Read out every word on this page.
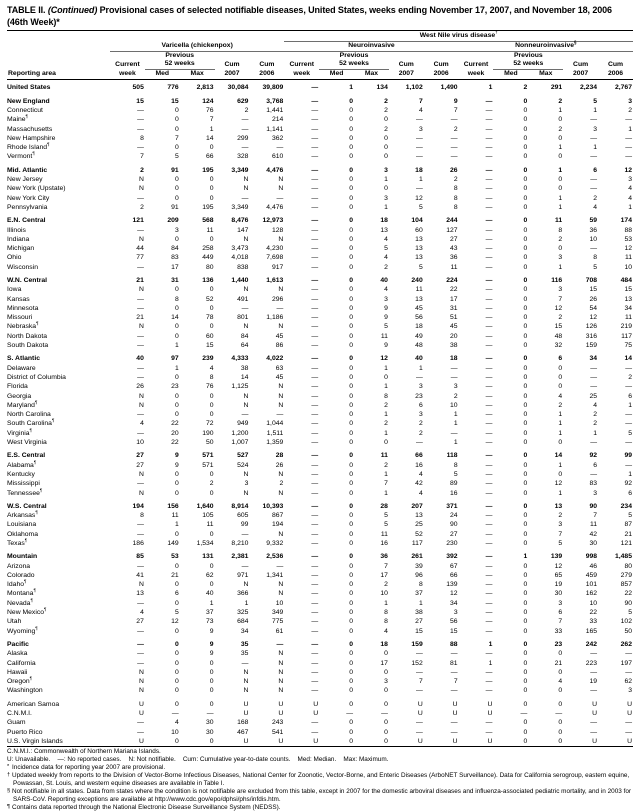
TABLE II. (Continued) Provisional cases of selected notifiable diseases, United States, weeks ending November 17, 2007, and November 18, 2006 (46th Week)*
						West Nile virus disease†
	Varicella (chickenpox)					Neuroinvasive					Nonneuroinvasive§
		Previous					Previous					Previous			
	Current	52 weeks		Cum	Cum	Current	52 weeks		Cum	Cum	Current	52 weeks		Cum	Cum
Reporting area	week	Med	Max	2007	2006	week	Med	Max	2007	2006	week	Med	Max	2007	2006
United States	505	776	2,813	30,084	39,809	—	1	134	1,102	1,490	1	2	291	2,234	2,767
New England	15	15	124	629	3,768	—	0	2	7	9	—	0	2	5	3
Connecticut	—	0	76	2	1,441	—	0	2	4	7	—	0	1	1	2
Maine¶	—	0	7	—	214	—	0	0	—	—	—	0	0	—	—
Massachusetts	—	0	1	—	1,141	—	0	2	3	2	—	0	2	3	1
New Hampshire	8	7	14	299	362	—	0	0	—	—	—	0	0	—	—
Rhode Island¶	—	0	0	—	—	—	0	0	—	—	—	0	1	1	—
Vermont¶	7	5	66	328	610	—	0	0	—	—	—	0	0	—	—
Mid. Atlantic	2	91	195	3,349	4,476	—	0	3	18	26	—	0	1	6	12
New Jersey	N	0	0	N	N	—	0	1	1	2	—	0	0	—	3
New York (Upstate)	N	0	0	N	N	—	0	0	—	8	—	0	0	—	4
New York City	—	0	0	—	—	—	0	3	12	8	—	0	1	2	4
Pennsylvania	2	91	195	3,349	4,476	—	0	1	5	8	—	0	1	4	1
E.N. Central	121	209	568	8,476	12,973	—	0	18	104	244	—	0	11	59	174
Illinois	—	3	11	147	128	—	0	13	60	127	—	0	8	36	88
Indiana	N	0	0	N	N	—	0	4	13	27	—	0	2	10	53
Michigan	44	84	258	3,473	4,230	—	0	5	13	43	—	0	0	—	12
Ohio	77	83	449	4,018	7,698	—	0	4	13	36	—	0	3	8	11
Wisconsin	—	17	80	838	917	—	0	2	5	11	—	0	1	5	10
W.N. Central	21	31	136	1,440	1,613	—	0	40	240	224	—	0	116	708	484
Iowa	N	0	0	N	N	—	0	4	11	22	—	0	3	15	15
Kansas	—	8	52	491	296	—	0	3	13	17	—	0	7	26	13
Minnesota	—	0	0	—	—	—	0	9	45	31	—	0	12	54	34
Missouri	21	14	78	801	1,186	—	0	9	56	51	—	0	2	12	11
Nebraska¶	N	0	0	N	N	—	0	5	18	45	—	0	15	126	219
North Dakota	—	0	60	84	45	—	0	11	49	20	—	0	48	316	117
South Dakota	—	1	15	64	86	—	0	9	48	38	—	0	32	159	75
S. Atlantic	40	97	239	4,333	4,022	—	0	12	40	18	—	0	6	34	14
Delaware	—	1	4	38	63	—	0	1	1	—	—	0	0	—	—
District of Columbia	—	0	8	14	45	—	0	0	—	—	—	0	0	—	2
Florida	26	23	76	1,125	N	—	0	1	3	3	—	0	0	—	—
Georgia	N	0	0	N	N	—	0	8	23	2	—	0	4	25	6
Maryland¶	N	0	0	N	N	—	0	2	6	10	—	0	2	4	1
North Carolina	—	0	0	—	—	—	0	1	3	1	—	0	1	2	—
South Carolina¶	4	22	72	949	1,044	—	0	2	2	1	—	0	1	2	—
Virginia¶	—	20	190	1,200	1,511	—	0	1	2	—	—	0	1	1	5
West Virginia	10	22	50	1,007	1,359	—	0	0	—	1	—	0	0	—	—
E.S. Central	27	9	571	527	28	—	0	11	66	118	—	0	14	92	99
Alabama¶	27	9	571	524	26	—	0	2	16	8	—	0	1	6	—
Kentucky	N	0	0	N	N	—	0	1	4	5	—	0	0	—	1
Mississippi	—	0	2	3	2	—	0	7	42	89	—	0	12	83	92
Tennessee¶	N	0	0	N	N	—	0	1	4	16	—	0	1	3	6
W.S. Central	194	156	1,640	8,914	10,393	—	0	28	207	371	—	0	13	90	234
Arkansas¶	8	11	105	605	867	—	0	5	13	24	—	0	2	7	5
Louisiana	—	1	11	99	194	—	0	5	25	90	—	0	3	11	87
Oklahoma	—	0	0	—	N	—	0	11	52	27	—	0	7	42	21
Texas¶	186	149	1,534	8,210	9,332	—	0	16	117	230	—	0	5	30	121
Mountain	85	53	131	2,381	2,536	—	0	36	261	392	—	1	139	998	1,485
Arizona	—	0	0	—	—	—	0	7	39	67	—	0	12	46	80
Colorado	41	21	62	971	1,341	—	0	17	96	66	—	0	65	459	279
Idaho¶	N	0	0	N	N	—	0	2	8	139	—	0	19	101	857
Montana¶	13	6	40	366	N	—	0	10	37	12	—	0	30	162	22
Nevada¶	—	0	1	1	10	—	0	1	1	34	—	0	3	10	90
New Mexico¶	4	5	37	325	349	—	0	8	38	3	—	0	6	22	5
Utah	27	12	73	684	775	—	0	8	27	56	—	0	7	33	102
Wyoming¶	—	0	9	34	61	—	0	4	15	15	—	0	33	165	50
Pacific	—	0	9	35	—	—	0	18	159	88	1	0	23	242	262
Alaska	—	0	9	35	N	—	0	0	—	—	—	0	0	—	—
California	—	0	0	—	N	—	0	17	152	81	1	0	21	223	197
Hawaii	N	0	0	N	N	—	0	0	—	—	—	0	0	—	—
Oregon¶	N	0	0	N	N	—	0	3	7	7	—	0	4	19	62
Washington	N	0	0	N	N	—	0	0	—	—	—	0	0	—	3
American Samoa	U	0	0	U	U	U	0	0	U	U	U	0	0	U	U
C.N.M.I.	U	—	—	U	U	U	—	—	U	U	U	—	—	U	U
Guam	—	4	30	168	243	—	0	0	—	—	—	0	0	—	—
Puerto Rico	—	10	30	467	541	—	0	0	—	—	—	0	0	—	—
U.S. Virgin Islands	U	0	0	U	U	U	0	0	U	U	U	0	0	U	U
C.N.M.I.: Commonwealth of Northern Mariana Islands.
U: Unavailable.    —: No reported cases.    N: Not notifiable.    Cum: Cumulative year-to-date counts.    Med: Median.    Max: Maximum.
* Incidence data for reporting year 2007 are provisional.
† Updated weekly from reports to the Division of Vector-Borne Infectious Diseases, National Center for Zoonotic, Vector-Borne, and Enteric Diseases (ArboNET Surveillance). Data for California serogroup, eastern equine, Powassan, St. Louis, and western equine diseases are available in Table I.
§ Not notifiable in all states. Data from states where the condition is not notifiable are excluded from this table, except in 2007 for the domestic arboviral diseases and influenza-associated pediatric mortality, and in 2003 for SARS-CoV. Reporting exceptions are available at http://www.cdc.gov/epo/dphsi/phs/infdis.htm.
¶ Contains data reported through the National Electronic Disease Surveillance System (NEDSS).
